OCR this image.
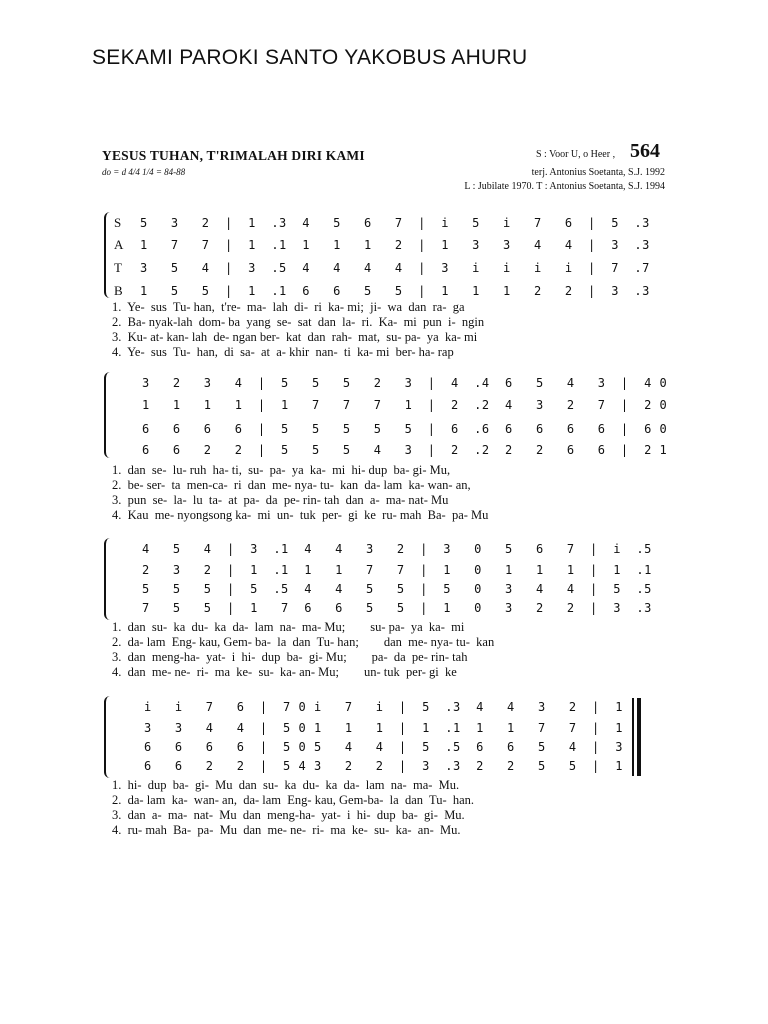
SEKAMI PAROKI SANTO YAKOBUS AHURU
YESUS TUHAN, T'RIMALAH DIRI KAMI
do = d 4/4 1/4 = 84-88
S : Voor U, o Heer , 564
terj. Antonius Soetanta, S.J. 1992
L : Jubilate 1970. T : Antonius Soetanta, S.J. 1994
S
A
T
B
5   3   2  |  1  .3  4   5   6   7  |  i   5   i   7   6  |  5  .3
1   7   7  |  1  .1  1   1   1   2  |  1   3   3   4   4  |  3  .3
3   5   4  |  3  .5  4   4   4   4  |  3   i   i   i   i  |  7  .7
1   5   5  |  1  .1  6   6   5   5  |  1   1   1   2   2  |  3  .3
1.  Ye-  sus  Tu- han,  t're-  ma-  lah  di-  ri  ka- mi;  ji-  wa  dan  ra-  ga
2.  Ba- nyak-lah  dom- ba  yang  se-  sat  dan  la-  ri.  Ka-  mi  pun  i-  ngin
3.  Ku- at- kan- lah  de- ngan ber-  kat  dan  rah-  mat,  su- pa-  ya  ka- mi
4.  Ye-  sus  Tu-  han,  di  sa-  at  a- khir  nan-  ti  ka- mi  ber- ha- rap
3   2   3   4  |  5   5   5   2   3  |  4  .4  6   5   4   3  |  4 0
1   1   1   1  |  1   7   7   7   1  |  2  .2  4   3   2   7  |  2 0
6   6   6   6  |  5   5   5   5   5  |  6  .6  6   6   6   6  |  6 0
6   6   2   2  |  5   5   5   4   3  |  2  .2  2   2   6   6  |  2 1
1.  dan  se-  lu- ruh  ha- ti,  su-  pa-  ya  ka-  mi  hi- dup  ba- gi- Mu,
2.  be- ser-  ta  men-ca-  ri  dan  me- nya- tu-  kan  da- lam  ka- wan- an,
3.  pun  se-  la-  lu  ta-  at  pa-  da  pe- rin- tah  dan  a-  ma- nat- Mu
4.  Kau  me- nyongsong ka-  mi  un-  tuk  per-  gi  ke  ru- mah  Ba-  pa- Mu
4   5   4  |  3  .1  4   4   3   2  |  3   0   5   6   7  |  i  .5
2   3   2  |  1  .1  1   1   7   7  |  1   0   1   1   1  |  1  .1
5   5   5  |  5  .5  4   4   5   5  |  5   0   3   4   4  |  5  .5
7   5   5  |  1   7  6   6   5   5  |  1   0   3   2   2  |  3  .3
1.  dan  su-  ka  du-  ka  da-  lam  na-  ma- Mu;        su- pa-  ya  ka-  mi
2.  da- lam  Eng- kau, Gem- ba-  la  dan  Tu- han;        dan  me- nya- tu-  kan
3.  dan  meng-ha-  yat-  i  hi-  dup  ba-  gi- Mu;        pa-  da  pe- rin- tah
4.  dan  me- ne-  ri-  ma  ke-  su-  ka- an- Mu;        un- tuk  per- gi  ke
i   i   7   6  |  7 0 i   7   i  |  5  .3  4   4   3   2  |  1
3   3   4   4  |  5 0 1   1   1  |  1  .1  1   1   7   7  |  1
6   6   6   6  |  5 0 5   4   4  |  5  .5  6   6   5   4  |  3
6   6   2   2  |  5 4 3   2   2  |  3  .3  2   2   5   5  |  1
1.  hi-  dup  ba-  gi-  Mu  dan  su-  ka  du-  ka  da-  lam  na-  ma-  Mu.
2.  da- lam  ka-  wan- an,  da- lam  Eng- kau, Gem-ba-  la  dan  Tu-  han.
3.  dan  a-  ma-  nat-  Mu  dan  meng-ha-  yat-  i  hi-  dup  ba-  gi-  Mu.
4.  ru- mah  Ba-  pa-  Mu  dan  me- ne-  ri-  ma  ke-  su-  ka-  an-  Mu.
